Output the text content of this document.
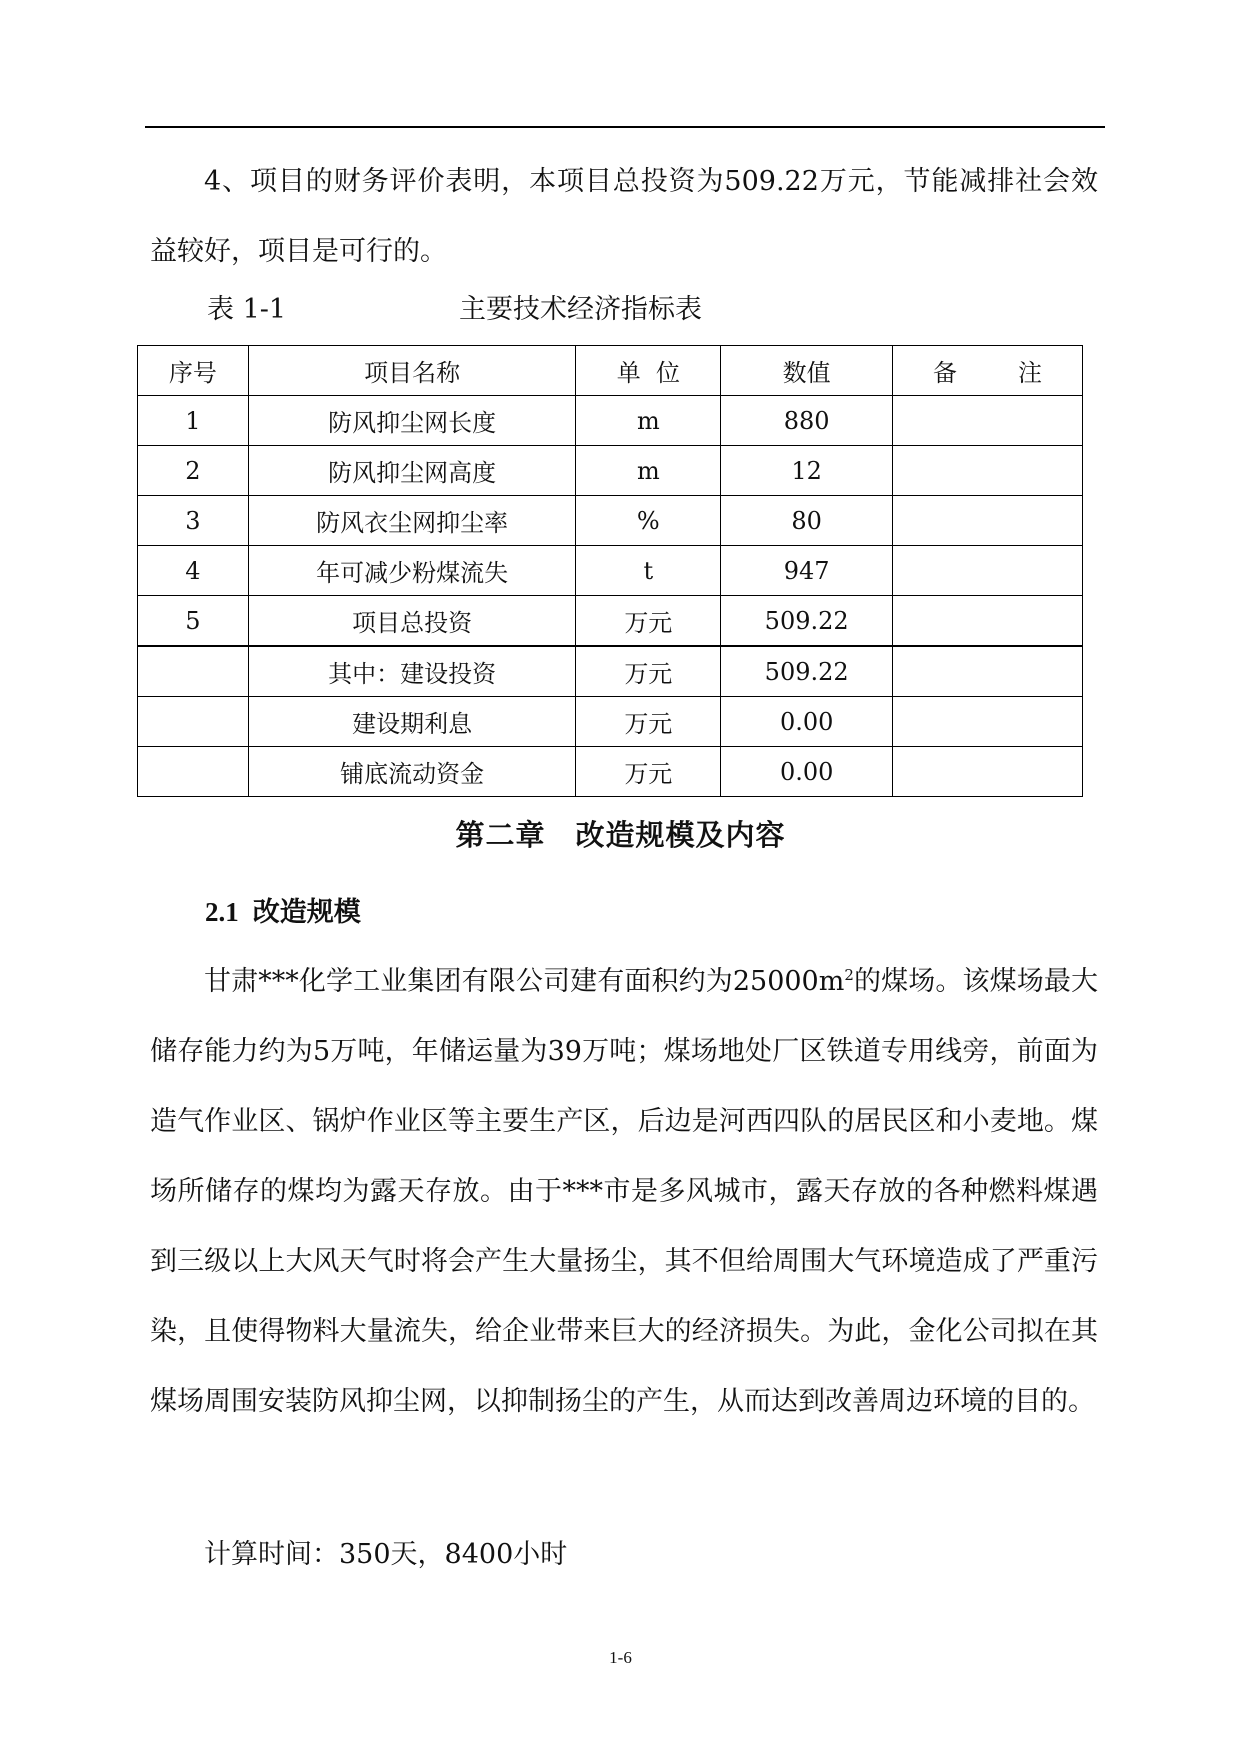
4、项目的财务评价表明，本项目总投资为509.22万元，节能减排社会效益较好，项目是可行的。

表 1-1	主要技术经济指标表
序号	项目名称	单  位	数值	备        注
1	防风抑尘网长度	m	880	
2	防风抑尘网高度	m	12	
3	防风衣尘网抑尘率	%	80	
4	年可减少粉煤流失	t	947	
5	项目总投资	万元	509.22	
	其中：建设投资	万元	509.22	
	建设期利息	万元	0.00	
	铺底流动资金	万元	0.00	
第二章　改造规模及内容
2.1 改造规模

甘肃***化学工业集团有限公司建有面积约为$25000m^2$的煤场。该煤场最大储存能力约为5万吨，年储运量为39万吨；煤场地处厂区铁道专用线旁，前面为造气作业区、锅炉作业区等主要生产区，后边是河西四队的居民区和小麦地。煤场所储存的煤均为露天存放。由于***市是多风城市，露天存放的各种燃料煤遇到三级以上大风天气时将会产生大量扬尘，其不但给周围大气环境造成了严重污染，且使得物料大量流失，给企业带来巨大的经济损失。为此，金化公司拟在其煤场周围安装防风抑尘网，以抑制扬尘的产生，从而达到改善周边环境的目的。

计算时间：350天，8400小时

1-6
